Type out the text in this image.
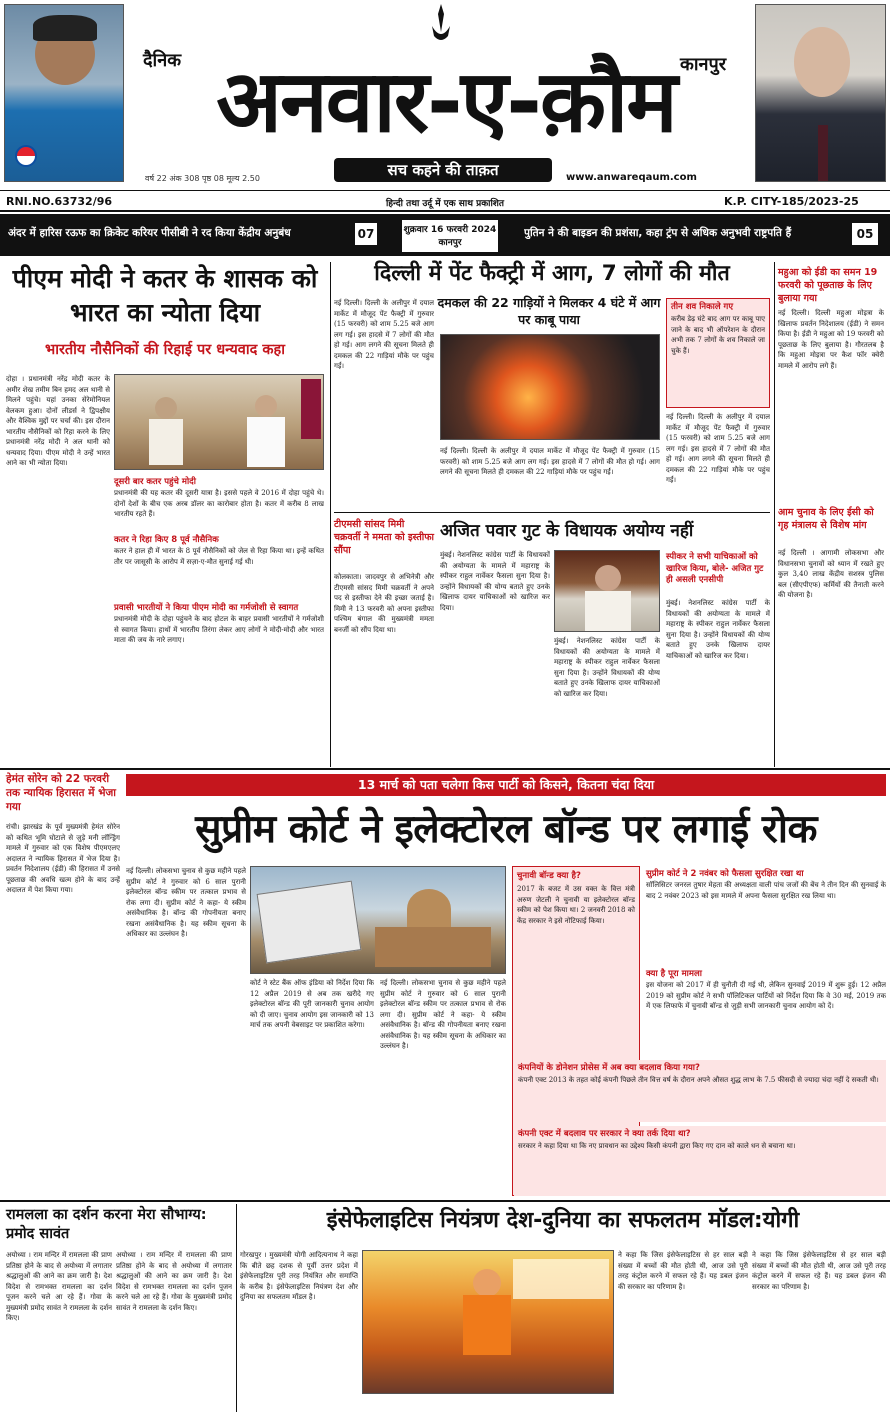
दैनिक	कानपुर
अनवार-ए-क़ौम
सच कहने की ताक़त	www.anwareqaum.com
वर्ष 22 अंक 308 पृष्ठ 08 मूल्य 2.50
RNI.NO.63732/96	हिन्दी तथा उर्दू में एक साथ प्रकाशित	K.P. CITY-185/2023-25
अंदर में हारिस रऊफ का क्रिकेट करियर पीसीबी ने रद किया केंद्रीय अनुबंध	07	शुक्रवार 16 फरवरी 2024 कानपुर
पुतिन ने की बाइडन की प्रशंसा, कहा ट्रंप से अधिक अनुभवी राष्ट्रपति हैं	05
पीएम मोदी ने कतर के शासक को भारत का न्योता दिया
भारतीय नौसैनिकों की रिहाई पर धन्यवाद कहा
दोहा । प्रधानमंत्री नरेंद्र मोदी कतर के अमीर शेख तमीम बिन हमद अल थानी से मिलने पहुंचे। यहां उनका सेरेमोनियल वेलकम हुआ। दोनों लीडर्स ने द्विपक्षीय और वैश्विक मुद्दों पर चर्चा की। इस दौरान भारतीय नौसैनिकों को रिहा करने के लिए प्रधानमंत्री नरेंद्र मोदी ने अल थानी को धन्यवाद दिया। पीएम मोदी ने उन्हें भारत आने का भी न्योता दिया।
दूसरी बार कतर पहुंचे मोदी
प्रधानमंत्री की यह कतर की दूसरी यात्रा है। इससे पहले वे 2016 में दोहा पहुंचे थे। दोनों देशों के बीच एक अरब डॉलर का कारोबार होता है। कतर में करीब 8 लाख भारतीय रहते हैं।
कतर ने रिहा किए 8 पूर्व नौसैनिक
कतर ने हाल ही में भारत के 8 पूर्व नौसैनिकों को जेल से रिहा किया था। इन्हें कथित तौर पर जासूसी के आरोप में सज़ा-ए-मौत सुनाई गई थी।
प्रवासी भारतीयों ने किया पीएम मोदी का गर्मजोशी से स्वागत
प्रधानमंत्री मोदी के दोहा पहुंचने के बाद होटल के बाहर प्रवासी भारतीयों ने गर्मजोशी से स्वागत किया। हाथों में भारतीय तिरंगा लेकर आए लोगों ने मोदी-मोदी और भारत माता की जय के नारे लगाए।
दिल्ली में पेंट फैक्ट्री में आग, 7 लोगों की मौत
दमकल की 22 गाड़ियों ने मिलकर 4 घंटे में आग पर काबू पाया
नई दिल्ली। दिल्ली के अलीपुर में दयाल मार्केट में मौजूद पेंट फैक्ट्री में गुरुवार (15 फरवरी) को शाम 5.25 बजे आग लग गई। इस हादसे में 7 लोगों की मौत हो गई। आग लगने की सूचना मिलते ही दमकल की 22 गाड़ियां मौके पर पहुंच गईं।
तीन शव निकाले गए
करीब डेढ़ घंटे बाद आग पर काबू पाए जाने के बाद भी ऑपरेशन के दौरान अभी तक 7 लोगों के शव निकाले जा चुके हैं।
नई दिल्ली। दिल्ली के अलीपुर में दयाल मार्केट में मौजूद पेंट फैक्ट्री में गुरुवार (15 फरवरी) को शाम 5.25 बजे आग लग गई। इस हादसे में 7 लोगों की मौत हो गई। आग लगने की सूचना मिलते ही दमकल की 22 गाड़ियां मौके पर पहुंच गईं।
नई दिल्ली। दिल्ली के अलीपुर में दयाल मार्केट में मौजूद पेंट फैक्ट्री में गुरुवार (15 फरवरी) को शाम 5.25 बजे आग लग गई। इस हादसे में 7 लोगों की मौत हो गई। आग लगने की सूचना मिलते ही दमकल की 22 गाड़ियां मौके पर पहुंच गईं।
टीएमसी सांसद मिमी चक्रवर्ती ने ममता को इस्तीफा सौंपा
कोलकाता। जादवपुर से अभिनेत्री और टीएमसी सांसद मिमी चक्रवर्ती ने अपने पद से इस्तीफा देने की इच्छा जताई है। मिमी ने 13 फरवरी को अपना इस्तीफा पश्चिम बंगाल की मुख्यमंत्री ममता बनर्जी को सौंप दिया था।
अजित पवार गुट के विधायक अयोग्य नहीं
मुंबई। नेशनलिस्ट कांग्रेस पार्टी के विधायकों की अयोग्यता के मामले में महाराष्ट्र के स्पीकर राहुल नार्वेकर फैसला सुना दिया है। उन्होंने विधायकों की योग्य बताते हुए उनके खिलाफ दायर याचिकाओं को खारिज कर दिया।
मुंबई। नेशनलिस्ट कांग्रेस पार्टी के विधायकों की अयोग्यता के मामले में महाराष्ट्र के स्पीकर राहुल नार्वेकर फैसला सुना दिया है। उन्होंने विधायकों की योग्य बताते हुए उनके खिलाफ दायर याचिकाओं को खारिज कर दिया।
स्पीकर ने सभी याचिकाओं को खारिज किया, बोले- अजित गुट ही असली एनसीपी
मुंबई। नेशनलिस्ट कांग्रेस पार्टी के विधायकों की अयोग्यता के मामले में महाराष्ट्र के स्पीकर राहुल नार्वेकर फैसला सुना दिया है। उन्होंने विधायकों की योग्य बताते हुए उनके खिलाफ दायर याचिकाओं को खारिज कर दिया।
महुआ को ईडी का समन 19 फरवरी को पूछताछ के लिए बुलाया गया
नई दिल्ली। दिल्ली महुआ मोइत्रा के खिलाफ प्रवर्तन निदेशालय (ईडी) ने समन किया है। ईडी ने महुआ को 19 फरवरी को पूछताछ के लिए बुलाया है। गौरतलब है कि महुआ मोइत्रा पर कैश फॉर क्वेरी मामले में आरोप लगे हैं।
आम चुनाव के लिए ईसी को गृह मंत्रालय से विशेष मांग
नई दिल्ली । आगामी लोकसभा और विधानसभा चुनावों को ध्यान में रखते हुए कुल 3,40 लाख केंद्रीय सशस्त्र पुलिस बल (सीएपीएफ) कर्मियों की तैनाती करने की योजना है।
हेमंत सोरेन को 22 फरवरी तक न्यायिक हिरासत में भेजा गया
रांची। झारखंड के पूर्व मुख्यमंत्री हेमंत सोरेन को कथित भूमि घोटाले से जुड़े मनी लॉन्ड्रिंग मामले में गुरुवार को एक विशेष पीएमएलए अदालत ने न्यायिक हिरासत में भेज दिया है। प्रवर्तन निदेशालय (ईडी) की हिरासत में उनसे पूछताछ की अवधि खत्म होने के बाद उन्हें अदालत में पेश किया गया।
13 मार्च को पता चलेगा किस पार्टी को किसने, कितना चंदा दिया
सुप्रीम कोर्ट ने इलेक्टोरल बॉन्ड पर लगाई रोक
नई दिल्ली। लोकसभा चुनाव से कुछ महीने पहले सुप्रीम कोर्ट ने गुरुवार को 6 साल पुरानी इलेक्टोरल बॉन्ड स्कीम पर तत्काल प्रभाव से रोक लगा दी। सुप्रीम कोर्ट ने कहा- ये स्कीम असंवैधानिक है। बॉन्ड की गोपनीयता बनाए रखना असंवैधानिक है। यह स्कीम सूचना के अधिकार का उल्लंघन है।
कोर्ट ने स्टेट बैंक ऑफ इंडिया को निर्देश दिया कि 12 अप्रैल 2019 से अब तक खरीदे गए इलेक्टोरल बॉन्ड की पूरी जानकारी चुनाव आयोग को दी जाए। चुनाव आयोग इस जानकारी को 13 मार्च तक अपनी वेबसाइट पर प्रकाशित करेगा।
नई दिल्ली। लोकसभा चुनाव से कुछ महीने पहले सुप्रीम कोर्ट ने गुरुवार को 6 साल पुरानी इलेक्टोरल बॉन्ड स्कीम पर तत्काल प्रभाव से रोक लगा दी। सुप्रीम कोर्ट ने कहा- ये स्कीम असंवैधानिक है। बॉन्ड की गोपनीयता बनाए रखना असंवैधानिक है। यह स्कीम सूचना के अधिकार का उल्लंघन है।
चुनावी बॉन्ड क्या है?
2017 के बजट में उस वक्त के वित्त मंत्री अरुण जेटली ने चुनावी या इलेक्टोरल बॉन्ड स्कीम को पेश किया था। 2 जनवरी 2018 को केंद्र सरकार ने इसे नोटिफाई किया।
सुप्रीम कोर्ट ने 2 नवंबर को फैसला सुरक्षित रखा था
सॉलिसिटर जनरल तुषार मेहता की अध्यक्षता वाली पांच जजों की बेंच ने तीन दिन की सुनवाई के बाद 2 नवंबर 2023 को इस मामले में अपना फैसला सुरक्षित रख लिया था।
क्या है पूरा मामला
इस योजना को 2017 में ही चुनौती दी गई थी, लेकिन सुनवाई 2019 में शुरू हुई। 12 अप्रैल 2019 को सुप्रीम कोर्ट ने सभी पॉलिटिकल पार्टियों को निर्देश दिया कि वे 30 मई, 2019 तक में एक लिफाफे में चुनावी बॉन्ड से जुड़ी सभी जानकारी चुनाव आयोग को दें।
कंपनियों के डोनेशन प्रोसेस में अब क्या बदलाव किया गया?
कंपनी एक्ट 2013 के तहत कोई कंपनी पिछले तीन वित्त वर्ष के दौरान अपने औसत शुद्ध लाभ के 7.5 फीसदी से ज्यादा चंदा नहीं दे सकती थी।
कंपनी एक्ट में बदलाव पर सरकार ने क्या तर्क दिया था?
सरकार ने कहा दिया था कि नए प्रावधान का उद्देश्य किसी कंपनी द्वारा किए गए दान को काले धन से बचाना था।
रामलला का दर्शन करना मेरा सौभाग्य: प्रमोद सावंत
अयोध्या । राम मन्दिर में रामलला की प्राण प्रतिष्ठा होने के बाद से अयोध्या में लगातार श्रद्धालुओं की आने का क्रम जारी है। देश विदेश से रामभक्त रामलला का दर्शन पूजन करने चले आ रहे हैं। गोवा के मुख्यमंत्री प्रमोद सावंत ने रामलला के दर्शन किए।
अयोध्या । राम मन्दिर में रामलला की प्राण प्रतिष्ठा होने के बाद से अयोध्या में लगातार श्रद्धालुओं की आने का क्रम जारी है। देश विदेश से रामभक्त रामलला का दर्शन पूजन करने चले आ रहे हैं। गोवा के मुख्यमंत्री प्रमोद सावंत ने रामलला के दर्शन किए।
इंसेफेलाइटिस नियंत्रण देश-दुनिया का सफलतम मॉडल:योगी
गोरखपुर । मुख्यमंत्री योगी आदित्यनाथ ने कहा कि बीते छह दशक से पूर्वी उत्तर प्रदेश में इंसेफेलाइटिस पूरी तरह नियंत्रित और समाप्ति के करीब है। इंसेफेलाइटिस नियंत्रण देश और दुनिया का सफलतम मॉडल है।
ने कहा कि जिस इंसेफेलाइटिस से हर साल बड़ी संख्या में बच्चों की मौत होती थी, आज उसे पूरी तरह कंट्रोल करने में सफल रहे हैं। यह डबल इंजन की सरकार का परिणाम है।
ने कहा कि जिस इंसेफेलाइटिस से हर साल बड़ी संख्या में बच्चों की मौत होती थी, आज उसे पूरी तरह कंट्रोल करने में सफल रहे हैं। यह डबल इंजन की सरकार का परिणाम है।
